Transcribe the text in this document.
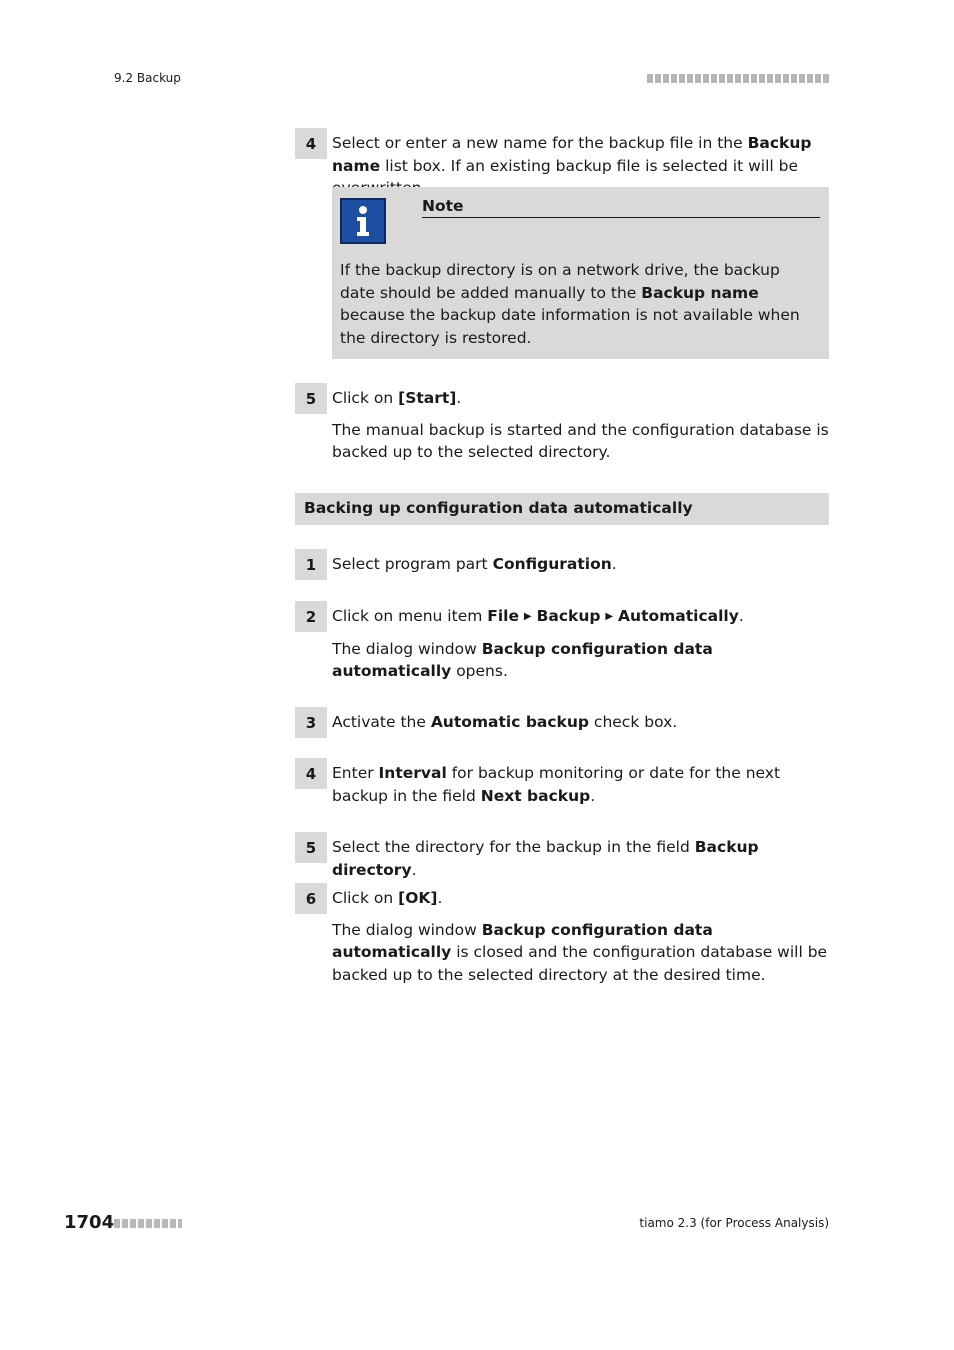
9.2 Backup
4	Select or enter a new name for the backup file in the Backup name list box. If an existing backup file is selected it will be

Note
If the backup directory is on a network drive, the backup date should be added manually to the Backup name because the backup date information is not available when the directory is restored.
5	Click on [Start].

The manual backup is started and the configuration database is backed up to the selected directory.

Backing up configuration data automatically
1	Select program part Configuration.

2	Click on menu item File ▶ Backup ▶ Automatically.

The dialog window Backup configuration data automatically opens.

3	Activate the Automatic backup check box.

4	Enter Interval for backup monitoring or date for the next backup in the field Next backup.

5	Select the directory for the backup in the field Backup directory.

6	Click on [OK].

The dialog window Backup configuration data automatically is closed and the configuration database will be backed up to the selected directory at the desired time.

1704	tiamo 2.3 (for Process Analysis)
